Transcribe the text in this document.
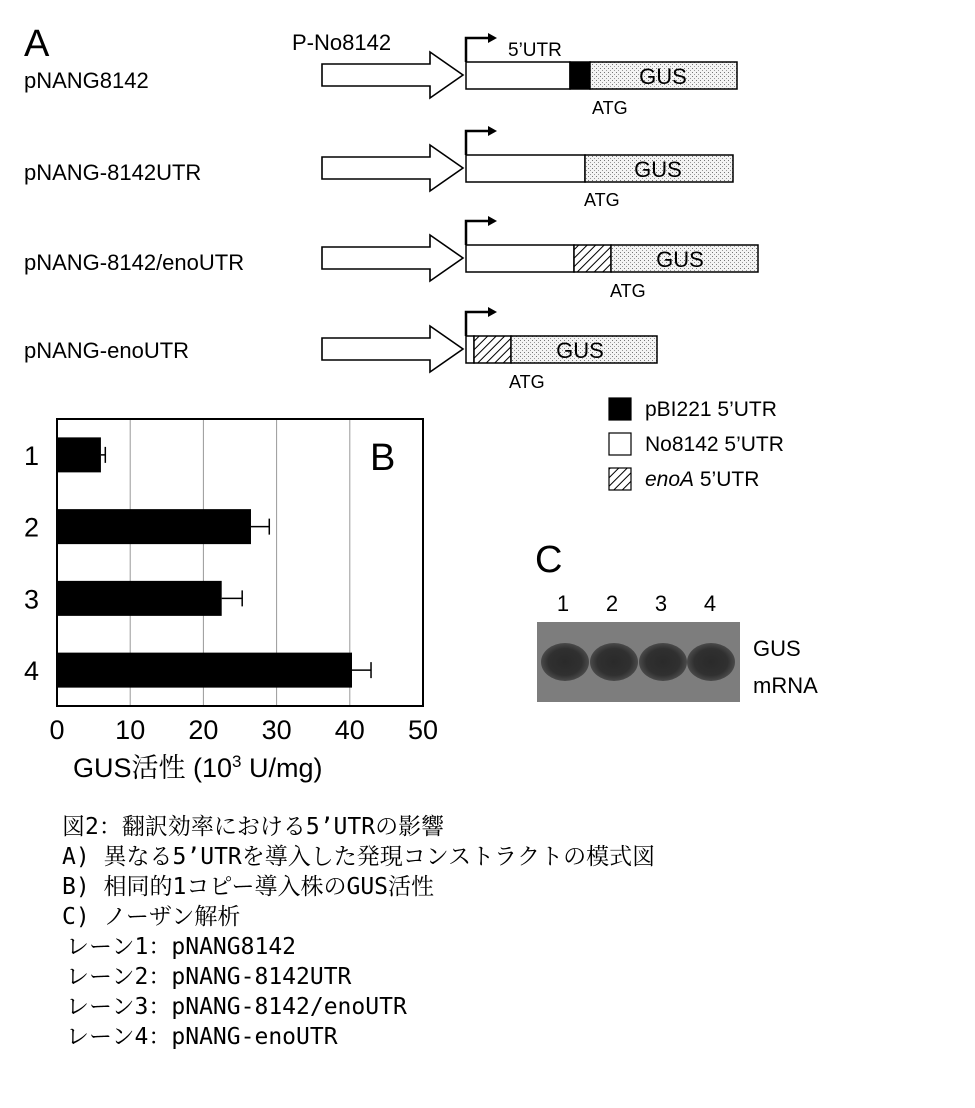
A	P-No8142	5’UTR
pNANG8142	GUS
ATG
pNANG-8142UTR	GUS
ATG
pNANG-8142/enoUTR	GUS
ATG
pNANG-enoUTR	GUS
ATG
pBI221 5’UTR
No8142 5’UTR
enoA 5’UTR
1
2
3
4
0 10 20 30 40 50
B
GUS活性 ($10^3$ U/mg)
C
1 2 3 4
GUS
mRNA
図2：翻訳効率における5’UTRの影響
A) 異なる5’UTRを導入した発現コンストラクトの模式図
B) 相同的1コピー導入株のGUS活性
C) ノーザン解析
レーン1：pNANG8142
レーン2：pNANG-8142UTR
レーン3：pNANG-8142/enoUTR
レーン4：pNANG-enoUTR
